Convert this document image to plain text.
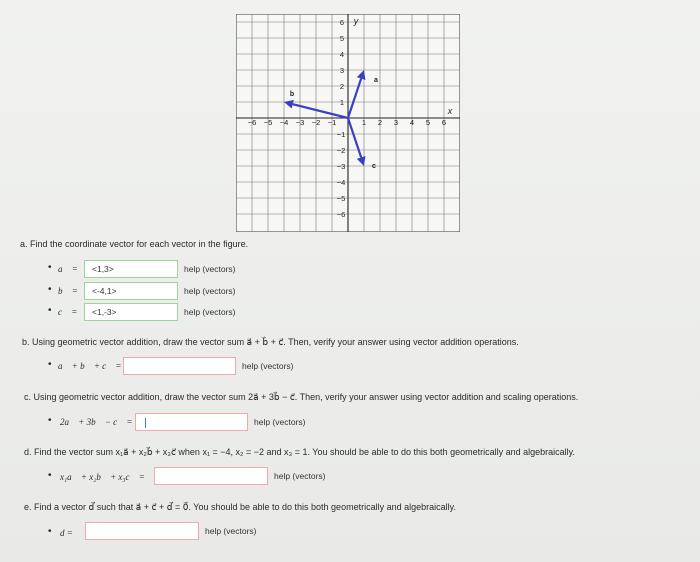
y
x
−6 −5 −4 −3 −2 −1	1 2 3 4 5 6
6
5
4
3
2
1
−1
−2
−3
−4
−5
−6
a
b
c
a. Find the coordinate vector for each vector in the figure.
• a⃗ =	<1,3>	help (vectors)
• b⃗ =	<-4,1>	help (vectors)
• c⃗ =	<1,-3>	help (vectors)
b. Using geometric vector addition, draw the vector sum a⃗ + b⃗ + c⃗. Then, verify your answer using vector addition operations.
• a⃗ + b⃗ + c⃗ =	help (vectors)
c. Using geometric vector addition, draw the vector sum 2a⃗ + 3b⃗ − c⃗. Then, verify your answer using vector addition and scaling operations.
• 2a⃗ + 3b⃗ − c⃗ =	help (vectors)
d. Find the vector sum x₁a⃗ + x₂b⃗ + x₃c⃗ when x₁ = −4, x₂ = −2 and x₃ = 1. You should be able to do this both geometrically and algebraically.
• x₁a⃗ + x₂b⃗ + x₃c⃗ =	help (vectors)
e. Find a vector d⃗ such that a⃗ + c⃗ + d⃗ = 0⃗. You should be able to do this both geometrically and algebraically.
• d =	help (vectors)
